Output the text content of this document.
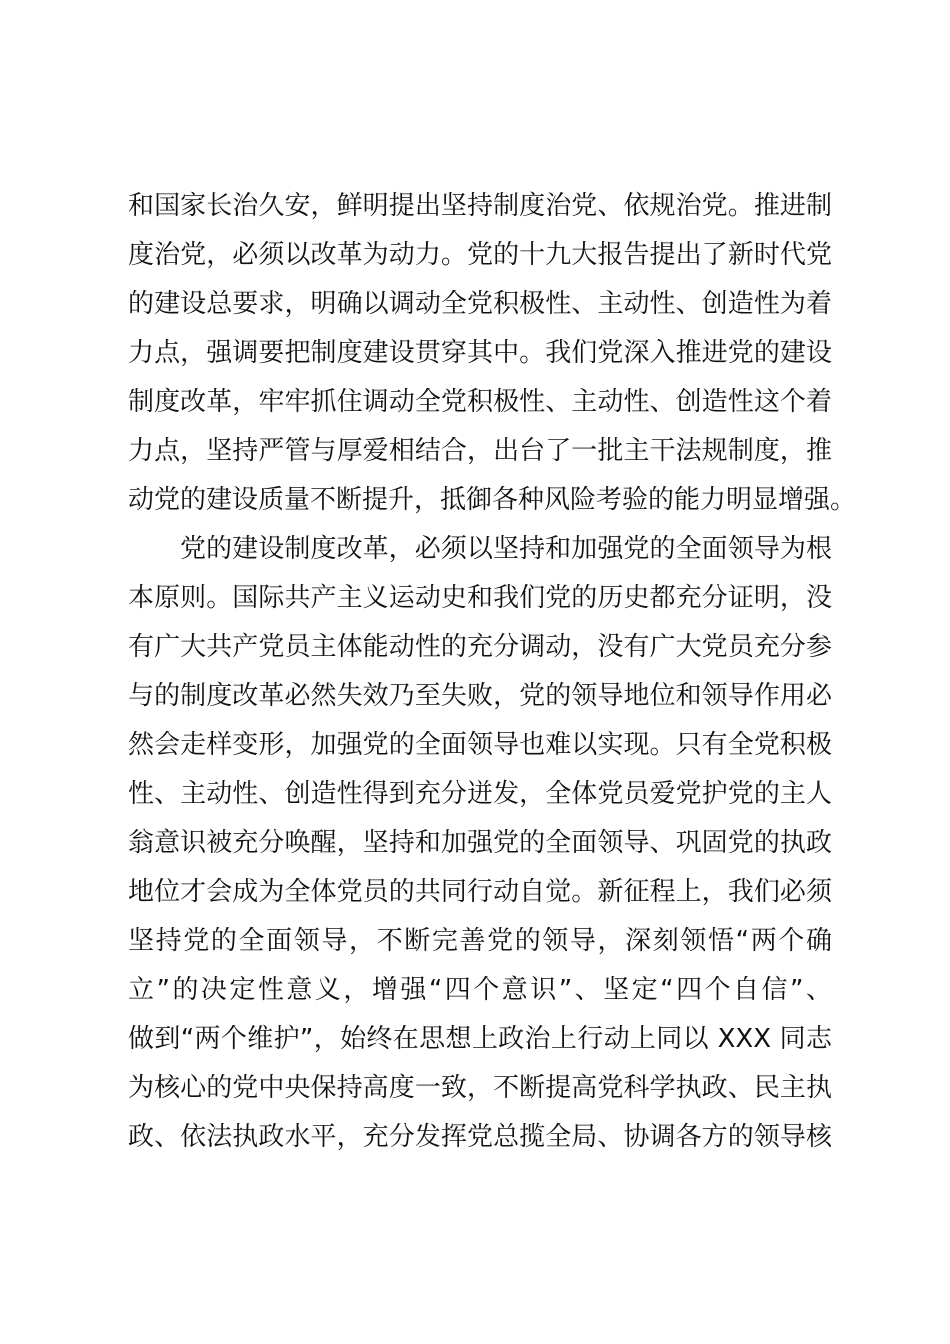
和国家长治久安，鲜明提出坚持制度治党、依规治党。推进制
度治党，必须以改革为动力。党的十九大报告提出了新时代党
的建设总要求，明确以调动全党积极性、主动性、创造性为着
力点，强调要把制度建设贯穿其中。我们党深入推进党的建设
制度改革，牢牢抓住调动全党积极性、主动性、创造性这个着
力点，坚持严管与厚爱相结合，出台了一批主干法规制度，推
动党的建设质量不断提升，抵御各种风险考验的能力明显增强。
党的建设制度改革，必须以坚持和加强党的全面领导为根
本原则。国际共产主义运动史和我们党的历史都充分证明，没
有广大共产党员主体能动性的充分调动，没有广大党员充分参
与的制度改革必然失效乃至失败，党的领导地位和领导作用必
然会走样变形，加强党的全面领导也难以实现。只有全党积极
性、主动性、创造性得到充分迸发，全体党员爱党护党的主人
翁意识被充分唤醒，坚持和加强党的全面领导、巩固党的执政
地位才会成为全体党员的共同行动自觉。新征程上，我们必须
坚持党的全面领导，不断完善党的领导，深刻领悟“两个确
立”的决定性意义，增强“四个意识”、坚定“四个自信”、
做到“两个维护”，始终在思想上政治上行动上同以 XXX 同志
为核心的党中央保持高度一致，不断提高党科学执政、民主执
政、依法执政水平，充分发挥党总揽全局、协调各方的领导核
